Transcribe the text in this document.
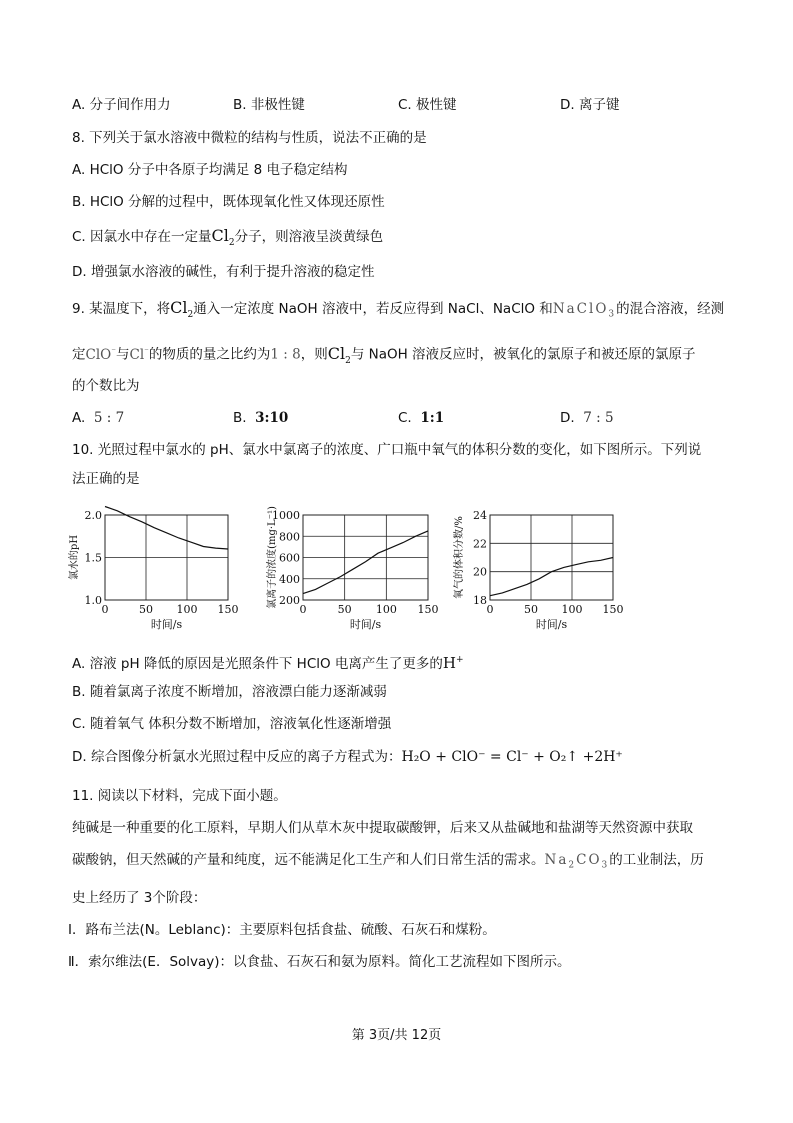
A. 分子间作用力	B. 非极性键	C. 极性键	D. 离子键
8. 下列关于氯水溶液中微粒的结构与性质，说法不正确的是
A. HClO 分子中各原子均满足 8 电子稳定结构
B. HClO 分解的过程中，既体现氧化性又体现还原性
C. 因氯水中存在一定量$Cl_2$分子，则溶液呈淡黄绿色
D. 增强氯水溶液的碱性，有利于提升溶液的稳定性
9. 某温度下，将$Cl_2$通入一定浓度 NaOH 溶液中，若反应得到 NaCl、NaClO 和NaClO$_3$的混合溶液，经测
定ClO⁻与Cl⁻的物质的量之比约为1 : 8，则$Cl_2$与 NaOH 溶液反应时，被氧化的氯原子和被还原的氯原子
的个数比为
A. 5 : 7	B. 3:10	C. 1:1	D. 7 : 5
10. 光照过程中氯水的 pH、氯水中氯离子的浓度、广口瓶中氧气的体积分数的变化，如下图所示。下列说
法正确的是
0	50 100 150
1.0
1.5
2.0
时间/s
氯水的pH
0	50 100 150
200
400
600
800
1000
时间/s
氯离子的浓度(mg·L⁻¹)
0	50 100 150
18
20
22
24
时间/s
氧气的体积分数/%
A. 溶液 pH 降低的原因是光照条件下 HClO 电离产生了更多的H+
B. 随着氯离子浓度不断增加，溶液漂白能力逐渐减弱
C. 随着氧气 体积分数不断增加，溶液氧化性逐渐增强
D. 综合图像分析氯水光照过程中反应的离子方程式为：H₂O + ClO⁻ = Cl⁻ + O₂↑ +2H⁺
11. 阅读以下材料，完成下面小题。
纯碱是一种重要的化工原料，早期人们从草木灰中提取碳酸钾，后来又从盐碱地和盐湖等天然资源中获取
碳酸钠，但天然碱的产量和纯度，远不能满足化工生产和人们日常生活的需求。$Na_2CO_3$的工业制法，历
史上经历了 3个阶段：
Ⅰ．路布兰法(N。Leblanc)：主要原料包括食盐、硫酸、石灰石和煤粉。
Ⅱ．索尔维法(E．Solvay)：以食盐、石灰石和氨为原料。简化工艺流程如下图所示。
第 3页/共 12页
